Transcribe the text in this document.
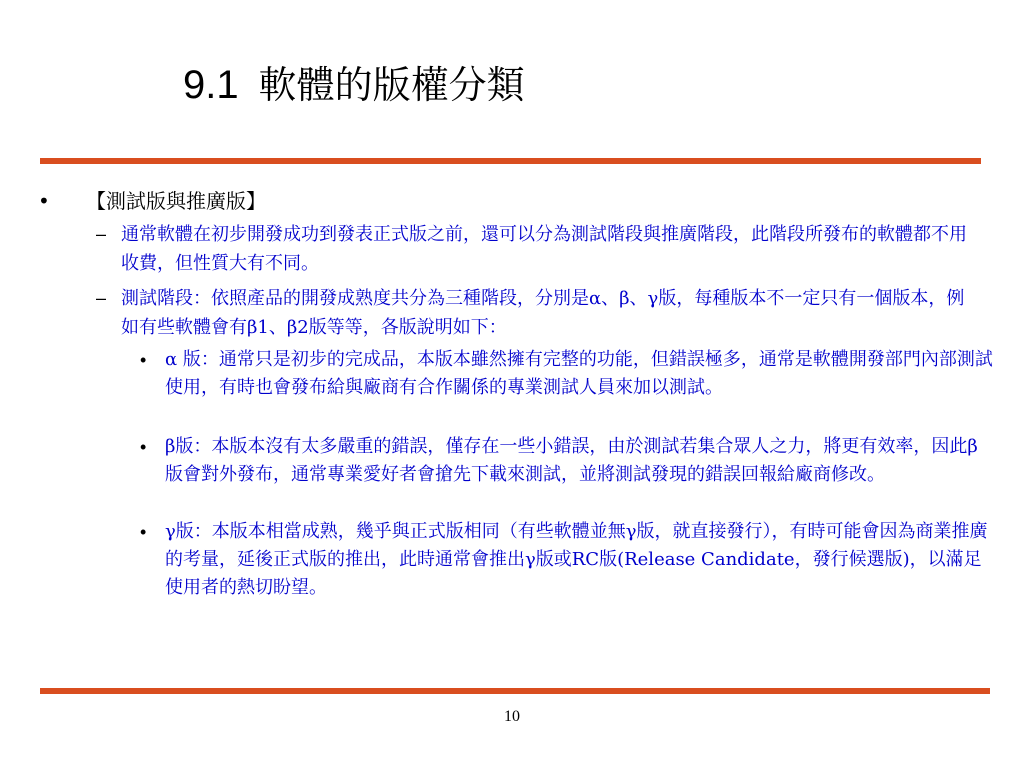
9.1 軟體的版權分類
• 【測試版與推廣版】
– 通常軟體在初步開發成功到發表正式版之前，還可以分為測試階段與推廣階段，此階段所發布的軟體都不用收費，但性質大有不同。
– 測試階段：依照產品的開發成熟度共分為三種階段，分別是α、β、γ版，每種版本不一定只有一個版本，例如有些軟體會有β1、β2版等等，各版說明如下：
• α 版：通常只是初步的完成品，本版本雖然擁有完整的功能，但錯誤極多，通常是軟體開發部門內部測試使用，有時也會發布給與廠商有合作關係的專業測試人員來加以測試。
• β版：本版本沒有太多嚴重的錯誤，僅存在一些小錯誤，由於測試若集合眾人之力，將更有效率，因此β版會對外發布，通常專業愛好者會搶先下載來測試，並將測試發現的錯誤回報給廠商修改。
• γ版：本版本相當成熟，幾乎與正式版相同（有些軟體並無γ版，就直接發行），有時可能會因為商業推廣的考量，延後正式版的推出，此時通常會推出γ版或RC版(Release Candidate，發行候選版)，以滿足使用者的熱切盼望。
10
